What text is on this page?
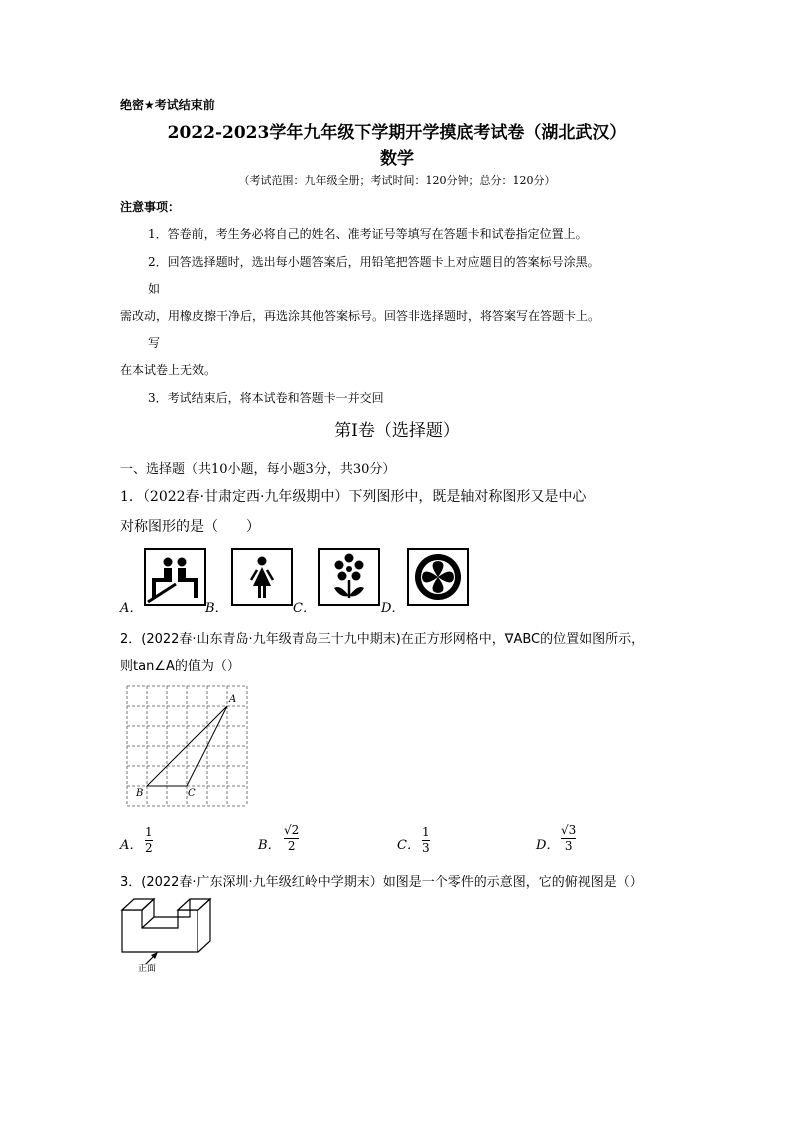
绝密★考试结束前
2022-2023学年九年级下学期开学摸底考试卷（湖北武汉）
数学
（考试范围：九年级全册；考试时间：120分钟；总分：120分）
注意事项：
1．答卷前，考生务必将自己的姓名、准考证号等填写在答题卡和试卷指定位置上。
2．回答选择题时，选出每小题答案后，用铅笔把答题卡上对应题目的答案标号涂黑。
如
需改动，用橡皮擦干净后，再选涂其他答案标号。回答非选择题时，将答案写在答题卡上。
写
在本试卷上无效。
3．考试结束后，将本试卷和答题卡一并交回
第Ⅰ卷（选择题）
一、选择题（共10小题，每小题3分，共30分）
1．（2022春·甘肃定西·九年级期中）下列图形中，既是轴对称图形又是中心
对称图形的是（　　）
A．	B．	C．	D．
2．(2022春·山东青岛·九年级青岛三十九中期末)在正方形网格中，∇ABC的位置如图所示，
则tan∠A的值为（）
A
B	C
A．
1
2	B．
√2
2	C．
1
3	D．
√3
3
3．(2022春·广东深圳·九年级红岭中学期末）如图是一个零件的示意图，它的俯视图是（）
正面
